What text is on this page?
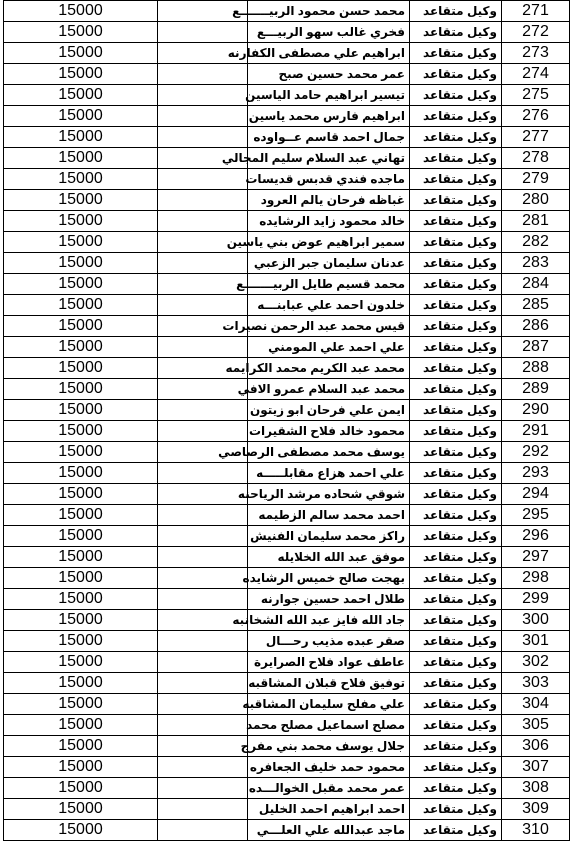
15000		محمد حسن محمود الربيـــــــع	وكيل متقاعد	271
15000		فخري غالب سهو الربيـــع	وكيل متقاعد	272
15000		ابراهيم علي مصطفى الكفارنه	وكيل متقاعد	273
15000		عمر محمد حسين صبح	وكيل متقاعد	274
15000		تيسير ابراهيم حامد الياسين	وكيل متقاعد	275
15000		ابراهيم فارس محمد ياسين	وكيل متقاعد	276
15000		جمال احمد قاسم عــواوده	وكيل متقاعد	277
15000		تهاني عبد السلام سليم المجالي	وكيل متقاعد	278
15000		ماجده فندي قدبس قديسات	وكيل متقاعد	279
15000		غباظه فرحان يالم العرود	وكيل متقاعد	280
15000		خالد محمود زايد الرشايده	وكيل متقاعد	281
15000		سمير ابراهيم عوض بني ياسين	وكيل متقاعد	282
15000		عدنان سليمان جبر الزعبي	وكيل متقاعد	283
15000		محمد قسيم طايل الربيـــــــع	وكيل متقاعد	284
15000		خلدون احمد علي عبابنـــه	وكيل متقاعد	285
15000		قيس محمد عبد الرحمن نصيرات	وكيل متقاعد	286
15000		علي احمد علي المومني	وكيل متقاعد	287
15000		محمد عبد الكريم محمد الكرايمه	وكيل متقاعد	288
15000		محمد عبد السلام عمرو الافي	وكيل متقاعد	289
15000		ايمن علي فرحان ابو زيتون	وكيل متقاعد	290
15000		محمود خالد فلاح الشقيرات	وكيل متقاعد	291
15000		يوسف محمد مصطفى الرصاصي	وكيل متقاعد	292
15000		علي احمد هزاع مقابلـــــه	وكيل متقاعد	293
15000		شوقي شحاده مرشد الرياحنه	وكيل متقاعد	294
15000		احمد محمد سالم الزطيمه	وكيل متقاعد	295
15000		راكز محمد سليمان الفنيش	وكيل متقاعد	296
15000		موفق عبد الله الخلايله	وكيل متقاعد	297
15000		بهجت صالح خميس الرشايده	وكيل متقاعد	298
15000		طلال احمد حسين جوارنه	وكيل متقاعد	299
15000		جاد الله فايز عبد الله الشخانبه	وكيل متقاعد	300
15000		صقر عبده مذيب رحـــال	وكيل متقاعد	301
15000		عاطف عواد فلاح الصرايرة	وكيل متقاعد	302
15000		توفيق فلاح قبلان المشاقبه	وكيل متقاعد	303
15000		علي مفلح سليمان المشاقبه	وكيل متقاعد	304
15000		مصلح اسماعيل مصلح محمد	وكيل متقاعد	305
15000		جلال يوسف محمد بني مفرج	وكيل متقاعد	306
15000		محمود حمد خليف الجعافره	وكيل متقاعد	307
15000		عمر محمد مقبل الخوالـــده	وكيل متقاعد	308
15000		احمد ابراهيم احمد الخليل	وكيل متقاعد	309
15000		ماجد عبدالله علي العلـــي	وكيل متقاعد	310
